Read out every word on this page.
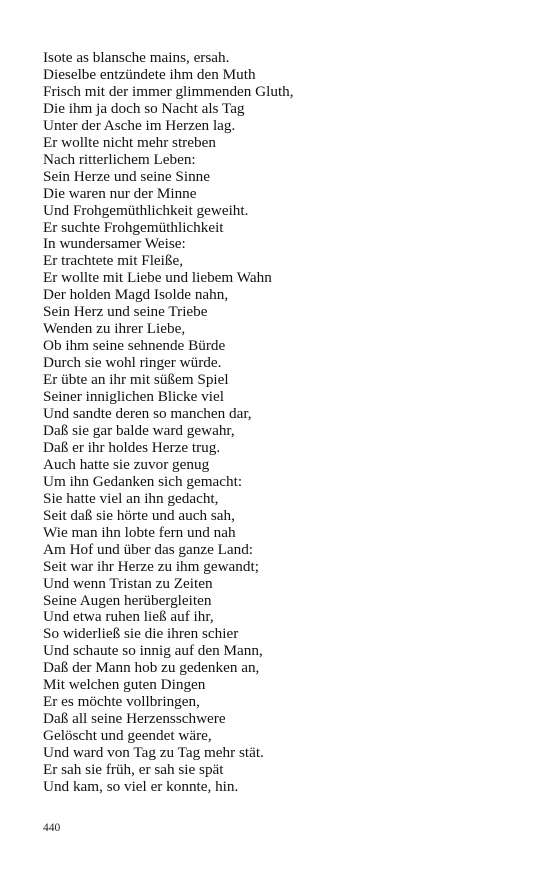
Isote as blansche mains, ersah.
Dieselbe entzündete ihm den Muth
Frisch mit der immer glimmenden Gluth,
Die ihm ja doch so Nacht als Tag
Unter der Asche im Herzen lag.
Er wollte nicht mehr streben
Nach ritterlichem Leben:
Sein Herze und seine Sinne
Die waren nur der Minne
Und Frohgemüthlichkeit geweiht.
Er suchte Frohgemüthlichkeit
In wundersamer Weise:
Er trachtete mit Fleiße,
Er wollte mit Liebe und liebem Wahn
Der holden Magd Isolde nahn,
Sein Herz und seine Triebe
Wenden zu ihrer Liebe,
Ob ihm seine sehnende Bürde
Durch sie wohl ringer würde.
Er übte an ihr mit süßem Spiel
Seiner inniglichen Blicke viel
Und sandte deren so manchen dar,
Daß sie gar balde ward gewahr,
Daß er ihr holdes Herze trug.
Auch hatte sie zuvor genug
Um ihn Gedanken sich gemacht:
Sie hatte viel an ihn gedacht,
Seit daß sie hörte und auch sah,
Wie man ihn lobte fern und nah
Am Hof und über das ganze Land:
Seit war ihr Herze zu ihm gewandt;
Und wenn Tristan zu Zeiten
Seine Augen herübergleiten
Und etwa ruhen ließ auf ihr,
So widerließ sie die ihren schier
Und schaute so innig auf den Mann,
Daß der Mann hob zu gedenken an,
Mit welchen guten Dingen
Er es möchte vollbringen,
Daß all seine Herzensschwere
Gelöscht und geendet wäre,
Und ward von Tag zu Tag mehr stät.
Er sah sie früh, er sah sie spät
Und kam, so viel er konnte, hin.
440
